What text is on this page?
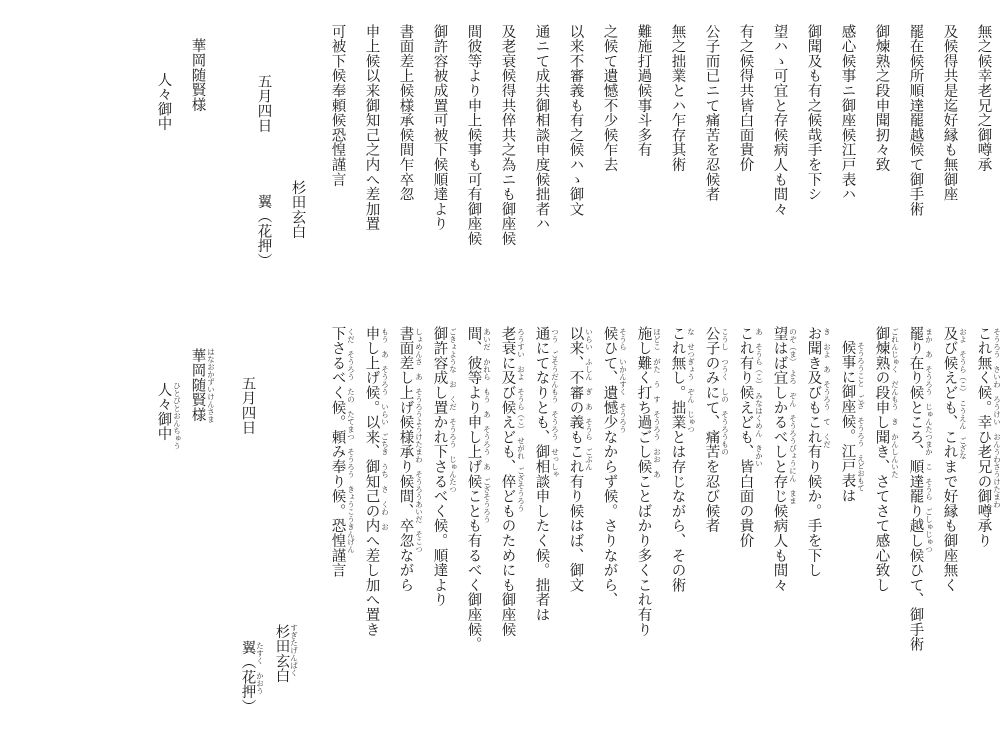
無之候幸老兄之御噂承
及候得共是迄好縁も無御座
罷在候所順達罷越候て御手術
御煉熟之段申聞扨々致
感心候事ニ御座候江戸表ハ
御聞及も有之候哉手を下シ
望ハゝ可宜と存候病人も間々
有之候得共皆白面貴价
公子而已ニて痛苦を忍候者
無之拙業とハ乍存其術
難施打過候事斗多有
之候て遺憾不少候乍去
以来不審義も有之候ハゝ御文
通ニて成共御相談申度候拙者ハ
及老衰候得共倅共之為ニも御座候
間彼等より申上候事も可有御座候
御許容被成置可被下候順達より
書面差上候様承候間乍卒忽
申上候以来御知己之内へ差加置
可被下候奉頼候恐惶謹言
杉田玄白
五月四日
翼（花押）
華岡随賢様
人々御中
これ無く候。幸ひ老兄の御噂承り
及び候えども、これまで好縁も御座無く
罷り在り候ところ、順達罷り越し候ひて、御手術
御煉熟の段申し聞き、さてさて感心致し
候事に御座候。江戸表は
お聞き及びもこれ有り候か。手を下し
望はば宜しかるべしと存じ候病人も間々
これ有り候えども、皆白面の貴价
公子のみにて、痛苦を忍び候者
これ無し。拙業とは存じながら、その術
施し難く打ち過ごし候ことばかり多くこれ有り
候ひて、遺憾少なからず候。さりながら、
以来、不審の義もこれ有り候はば、御文
通にてなりとも、御相談申したく候。拙者は
老衰に及び候えども、倅どものためにも御座候
間、彼等より申し上げ候ことも有るべく御座候。
御許容成し置かれ下さるべく候。順達より
書面差し上げ候様承り候間、卒忽ながら
申し上げ候。以来、御知己の内へ差し加へ置き
下さるべく候。頼み奉り候。恐惶謹言	そうろう　さいわ　ろうけい　おんうわさうけたまわ
およ　そうら（こ）　こうえん　ござな
まか　あ　そうろう　じゅんたつまか　こ　そうら　ごしゅじゅつ
ごれんじゅく　だんもう　き　かんしんいた
そうろうこと　ござ　そうろう　えどおもて
き　およ　あ　そうろう　て　くだ
のぞ（ま）　よろ　ぞん　そうろうびょうにん　まま
あ　そうら（こ）　みなはくめん　きかい
こうし　つうく　しの　そうろうもの
な　せつぎょう　ぞん　じゅつ
ほどこ　がた　う　す　そうろう　おお　あ
そうら　いかんすく　そうろう
いらい　ふしん　ぎ　あ　そうら　ごぶん
つう　ごそうだんもう　そうろう　せっしゃ
ろうすい　およ　そうら（こ）　せがれ　ござそうろう
あいだ　かれら　もう　あ　そうろう　あ　ござそうろう
ごきょような　お　くだ　そうろう　じゅんたつ
しょめんさ　あ　そうろうようけたまわ　そうろうあいだ　そこつ
もう　あ　そうろう　いらい　ごちき　うち　さ　くわ　お
くだ　そうろう　たの　たてまつ　そうろう　きょうこうきんげん
すぎたげんぱく
杉田玄白
五月四日
翼（花押） たすく　かおう
はなおかずいけんさま
華岡随賢様
ひとびとおんちゅう
人々御中
